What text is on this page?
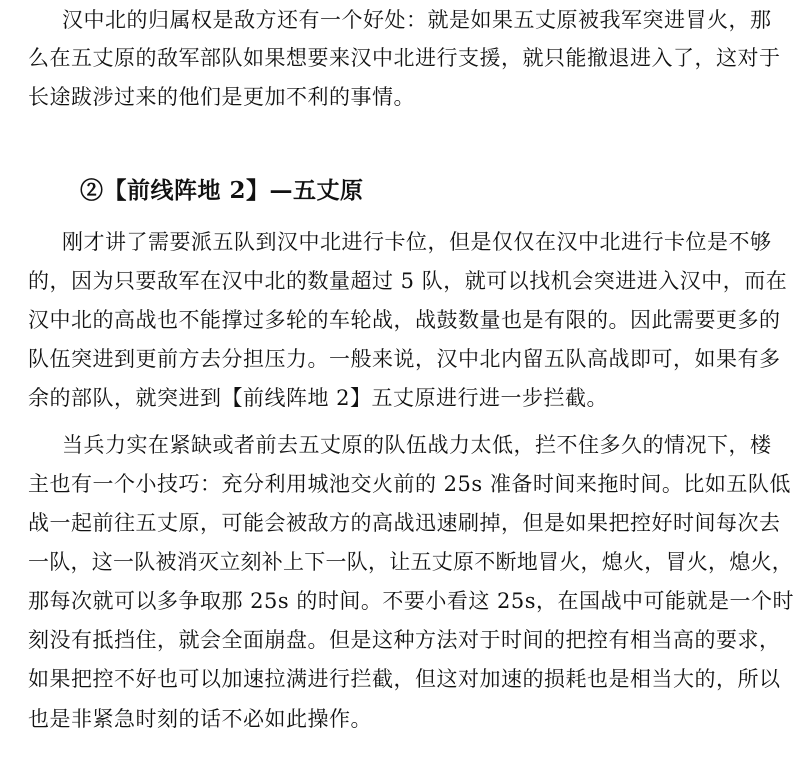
汉中北的归属权是敌方还有一个好处：就是如果五丈原被我军突进冒火，那
么在五丈原的敌军部队如果想要来汉中北进行支援，就只能撤退进入了，这对于
长途跋涉过来的他们是更加不利的事情。
②【前线阵地 2】—五丈原
刚才讲了需要派五队到汉中北进行卡位，但是仅仅在汉中北进行卡位是不够
的，因为只要敌军在汉中北的数量超过 5 队，就可以找机会突进进入汉中，而在
汉中北的高战也不能撑过多轮的车轮战，战鼓数量也是有限的。因此需要更多的
队伍突进到更前方去分担压力。一般来说，汉中北内留五队高战即可，如果有多
余的部队，就突进到【前线阵地 2】五丈原进行进一步拦截。
当兵力实在紧缺或者前去五丈原的队伍战力太低，拦不住多久的情况下，楼
主也有一个小技巧：充分利用城池交火前的 25s 准备时间来拖时间。比如五队低
战一起前往五丈原，可能会被敌方的高战迅速刷掉，但是如果把控好时间每次去
一队，这一队被消灭立刻补上下一队，让五丈原不断地冒火，熄火，冒火，熄火，
那每次就可以多争取那 25s 的时间。不要小看这 25s，在国战中可能就是一个时
刻没有抵挡住，就会全面崩盘。但是这种方法对于时间的把控有相当高的要求，
如果把控不好也可以加速拉满进行拦截，但这对加速的损耗也是相当大的，所以
也是非紧急时刻的话不必如此操作。
